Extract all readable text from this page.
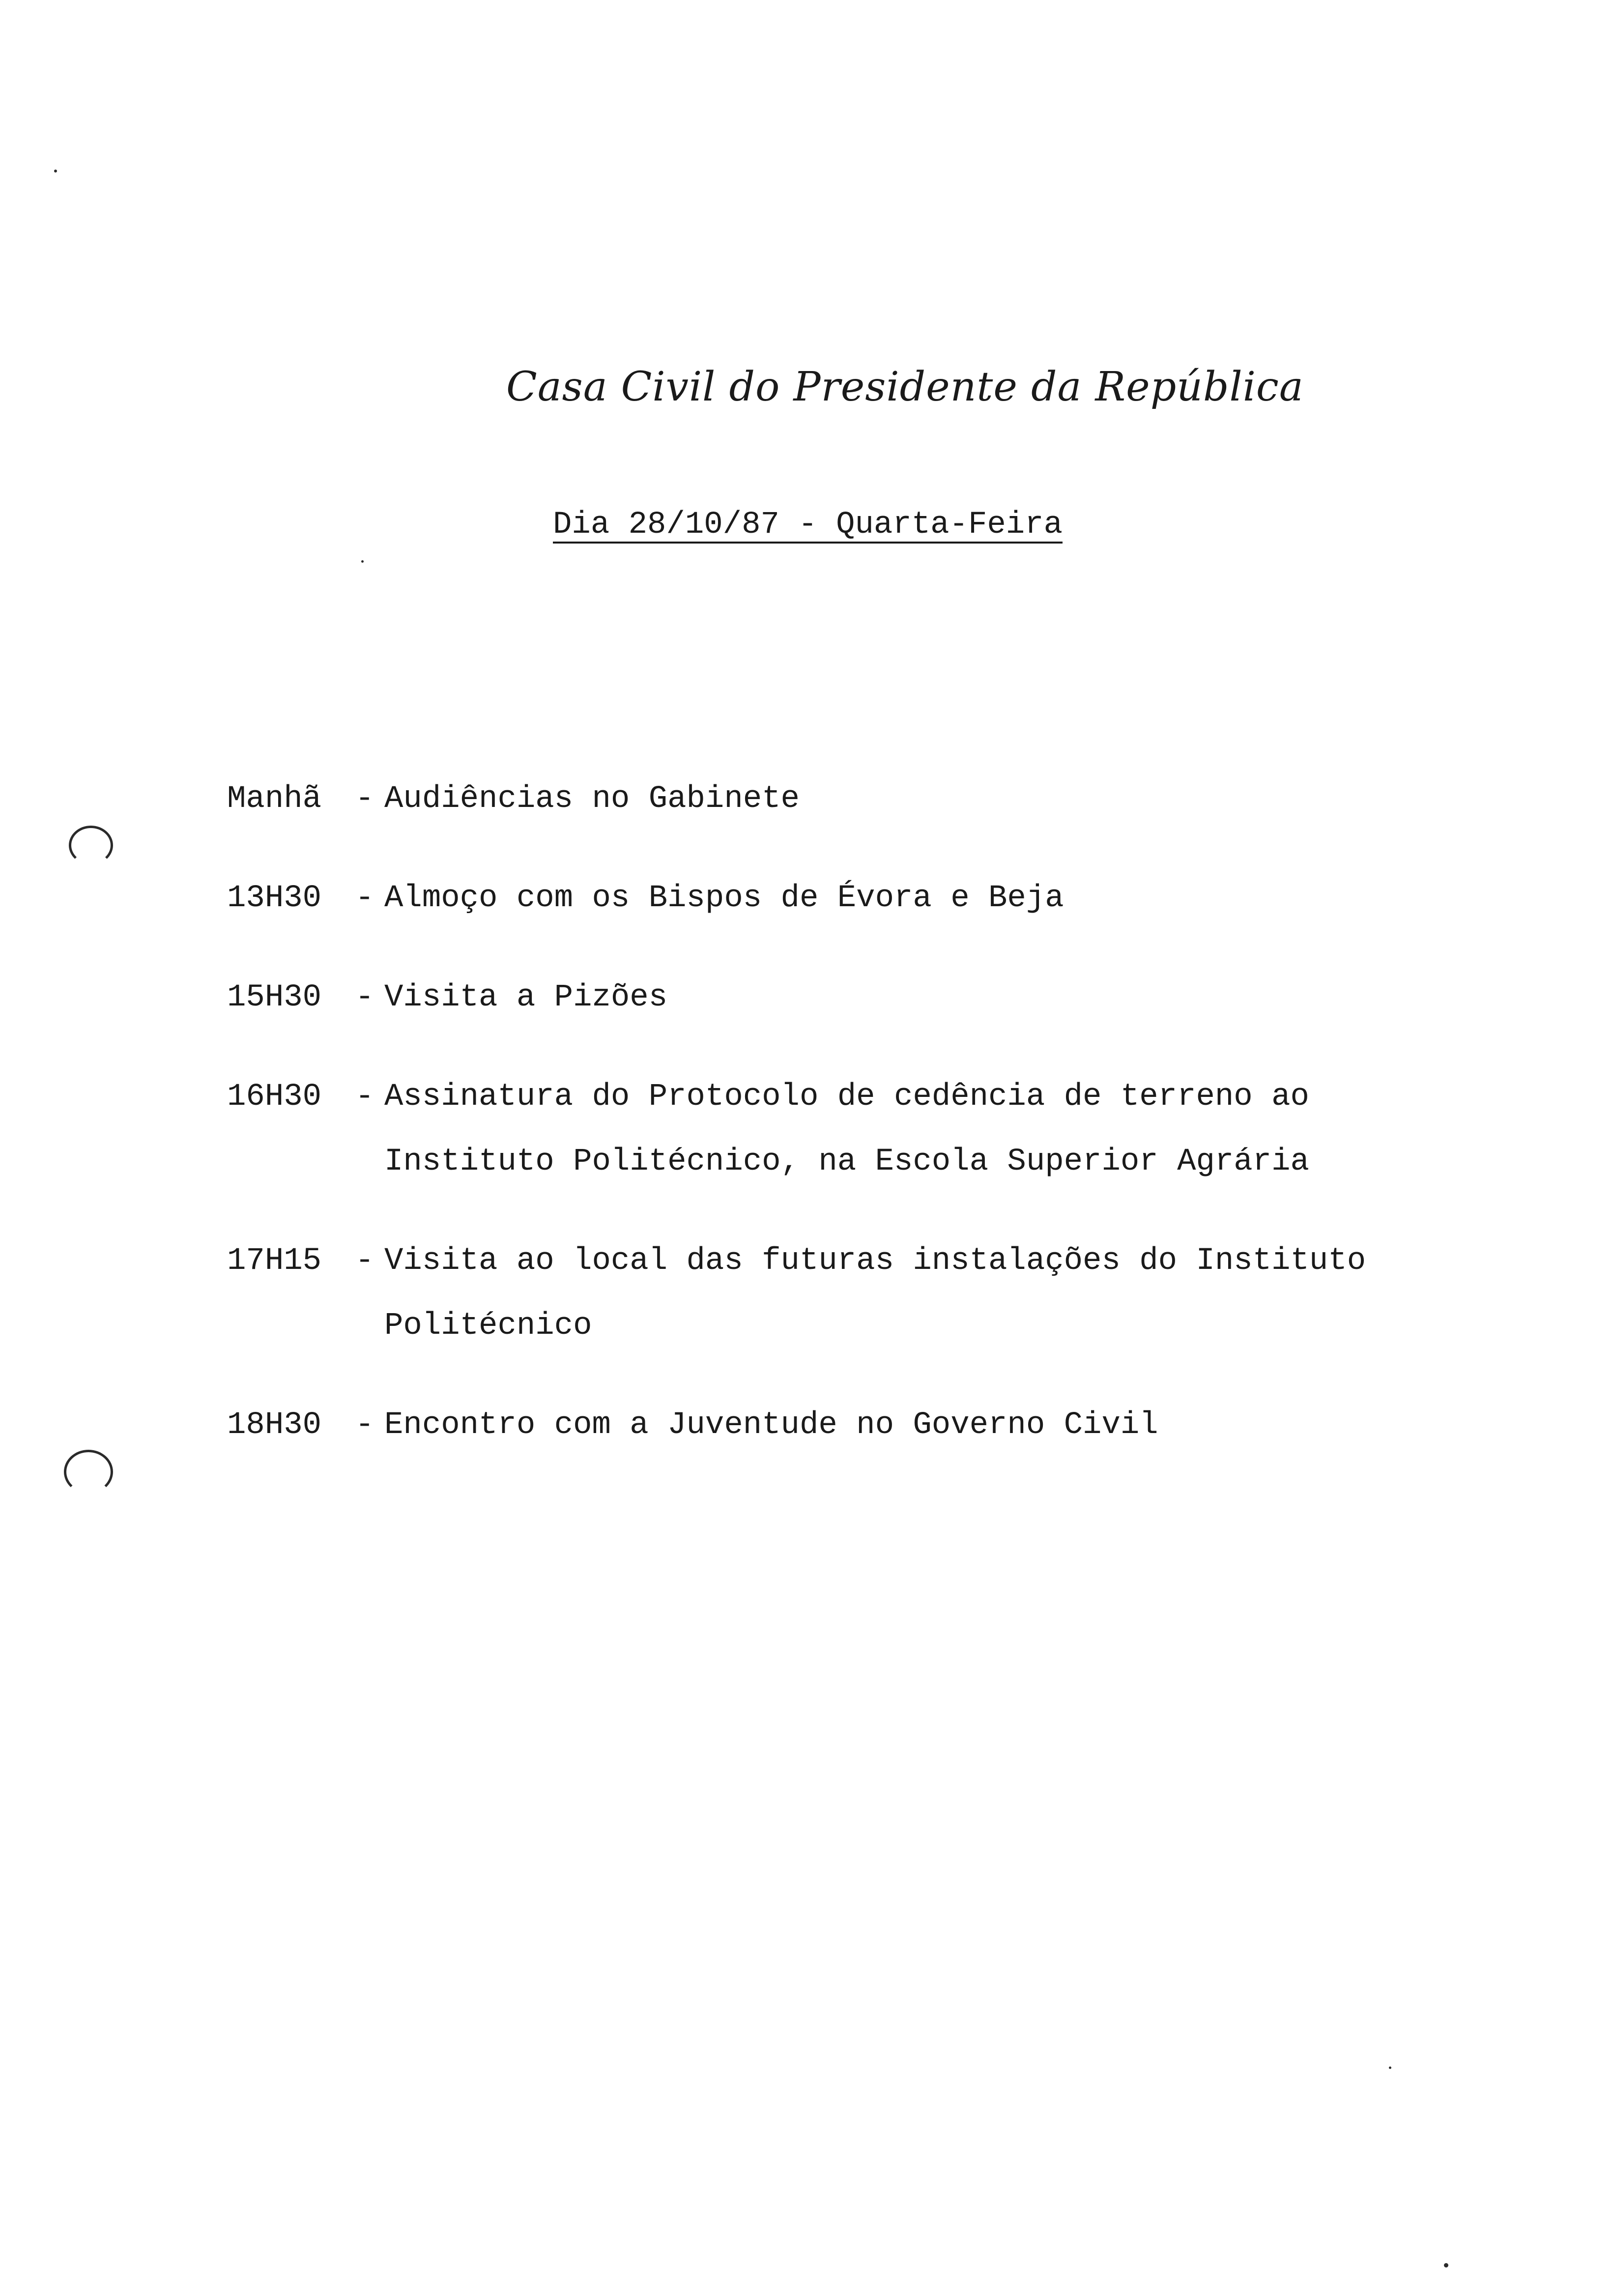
Casa Civil do Presidente da República
Dia 28/10/87 - Quarta-Feira
Manhã	- Audiências no Gabinete
13H30	- Almoço com os Bispos de Évora e Beja
15H30	- Visita a Pizões
16H30	- Assinatura do Protocolo de cedência de terreno ao
Instituto Politécnico, na Escola Superior Agrária
17H15	- Visita ao local das futuras instalações do Instituto
Politécnico
18H30	- Encontro com a Juventude no Governo Civil
